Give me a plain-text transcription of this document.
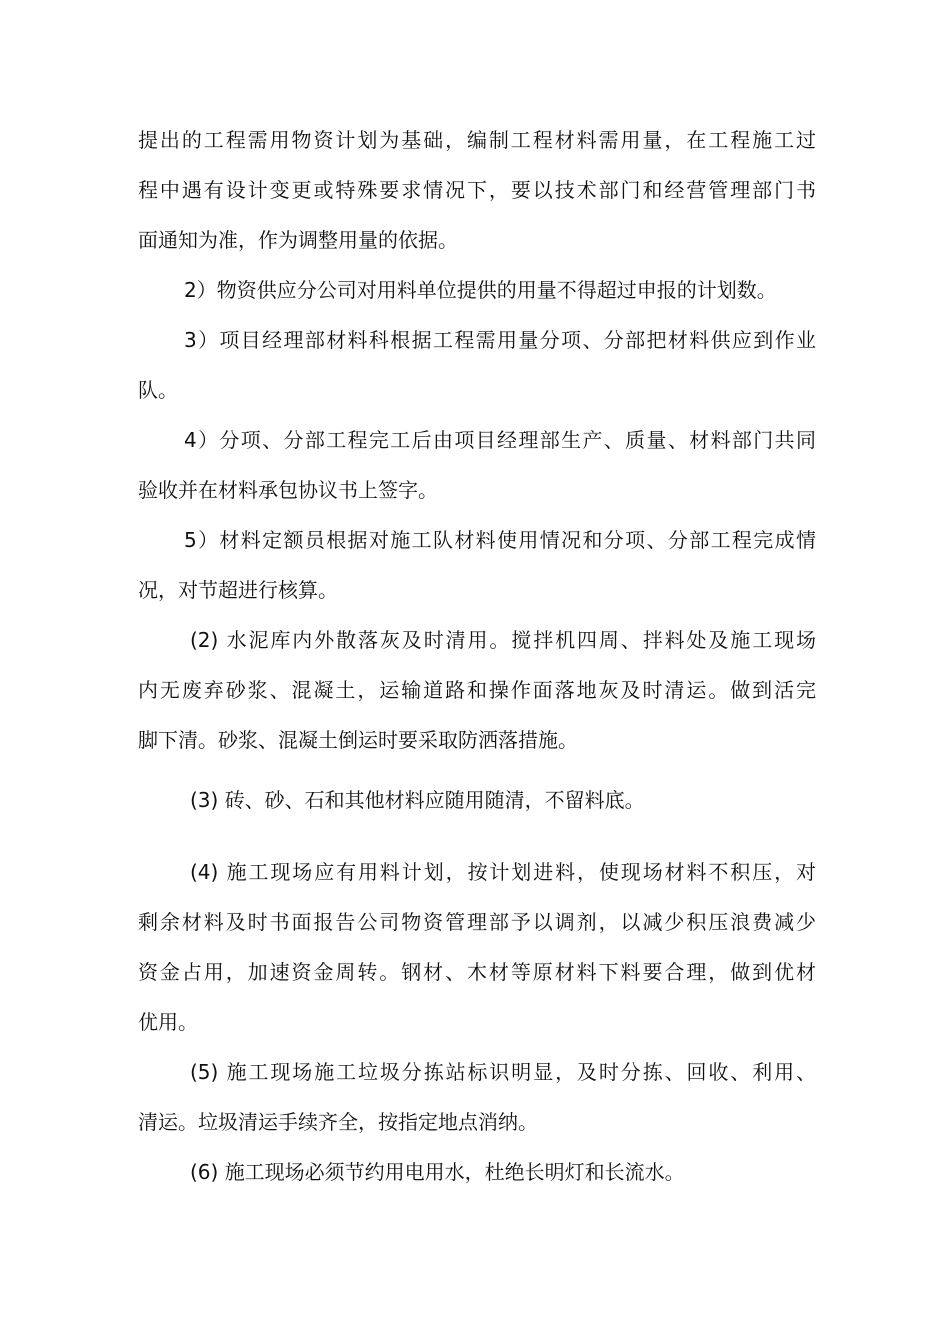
提出的工程需用物资计划为基础，编制工程材料需用量，在工程施工过
程中遇有设计变更或特殊要求情况下，要以技术部门和经营管理部门书
面通知为准，作为调整用量的依据。
2）物资供应分公司对用料单位提供的用量不得超过申报的计划数。
3）项目经理部材料科根据工程需用量分项、分部把材料供应到作业
队。
4）分项、分部工程完工后由项目经理部生产、质量、材料部门共同
验收并在材料承包协议书上签字。
5）材料定额员根据对施工队材料使用情况和分项、分部工程完成情
况，对节超进行核算。
(2) 水泥库内外散落灰及时清用。搅拌机四周、拌料处及施工现场
内无废弃砂浆、混凝土，运输道路和操作面落地灰及时清运。做到活完
脚下清。砂浆、混凝土倒运时要采取防洒落措施。
(3) 砖、砂、石和其他材料应随用随清，不留料底。
(4) 施工现场应有用料计划，按计划进料，使现场材料不积压，对
剩余材料及时书面报告公司物资管理部予以调剂，以减少积压浪费减少
资金占用，加速资金周转。钢材、木材等原材料下料要合理，做到优材
优用。
(5) 施工现场施工垃圾分拣站标识明显，及时分拣、回收、利用、
清运。垃圾清运手续齐全，按指定地点消纳。
(6) 施工现场必须节约用电用水，杜绝长明灯和长流水。
